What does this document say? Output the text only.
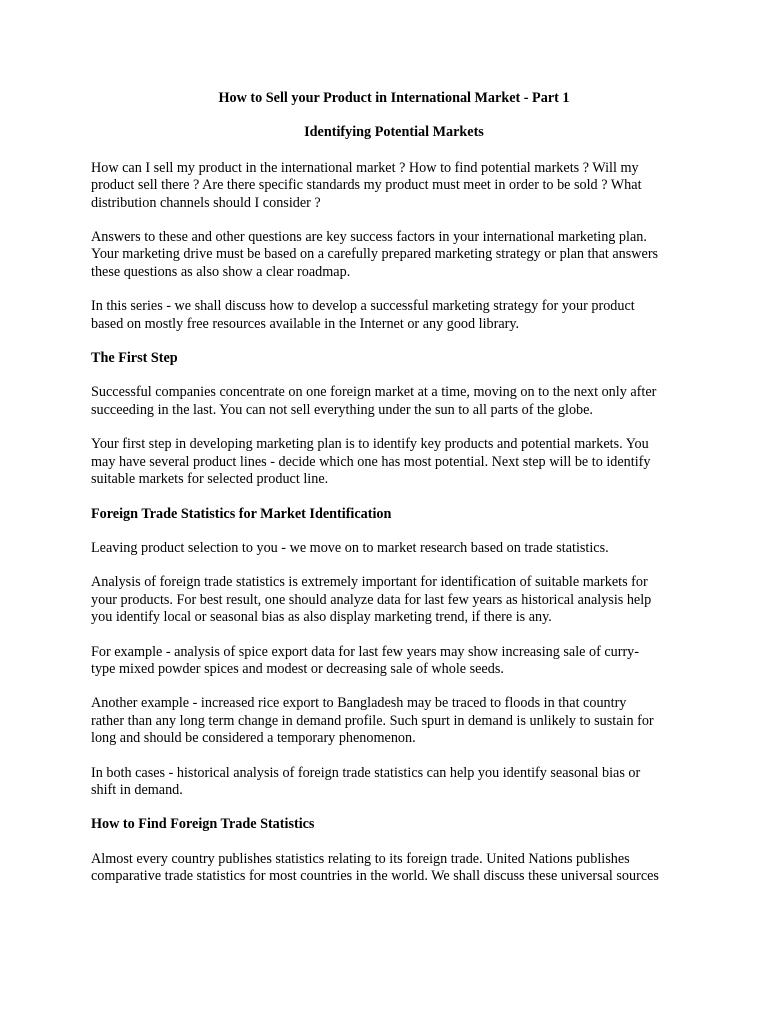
How to Sell your Product in International Market - Part 1
Identifying Potential Markets
How can I sell my product in the international market ? How to find potential markets ? Will my
product sell there ? Are there specific standards my product must meet in order to be sold ? What
distribution channels should I consider ?
Answers to these and other questions are key success factors in your international marketing plan.
Your marketing drive must be based on a carefully prepared marketing strategy or plan that answers
these questions as also show a clear roadmap.
In this series - we shall discuss how to develop a successful marketing strategy for your product
based on mostly free resources available in the Internet or any good library.
The First Step
Successful companies concentrate on one foreign market at a time, moving on to the next only after
succeeding in the last. You can not sell everything under the sun to all parts of the globe.
Your first step in developing marketing plan is to identify key products and potential markets. You
may have several product lines - decide which one has most potential. Next step will be to identify
suitable markets for selected product line.
Foreign Trade Statistics for Market Identification
Leaving product selection to you - we move on to market research based on trade statistics.
Analysis of foreign trade statistics is extremely important for identification of suitable markets for
your products. For best result, one should analyze data for last few years as historical analysis help
you identify local or seasonal bias as also display marketing trend, if there is any.
For example - analysis of spice export data for last few years may show increasing sale of curry-
type mixed powder spices and modest or decreasing sale of whole seeds.
Another example - increased rice export to Bangladesh may be traced to floods in that country
rather than any long term change in demand profile. Such spurt in demand is unlikely to sustain for
long and should be considered a temporary phenomenon.
In both cases - historical analysis of foreign trade statistics can help you identify seasonal bias or
shift in demand.
How to Find Foreign Trade Statistics
Almost every country publishes statistics relating to its foreign trade. United Nations publishes
comparative trade statistics for most countries in the world. We shall discuss these universal sources
